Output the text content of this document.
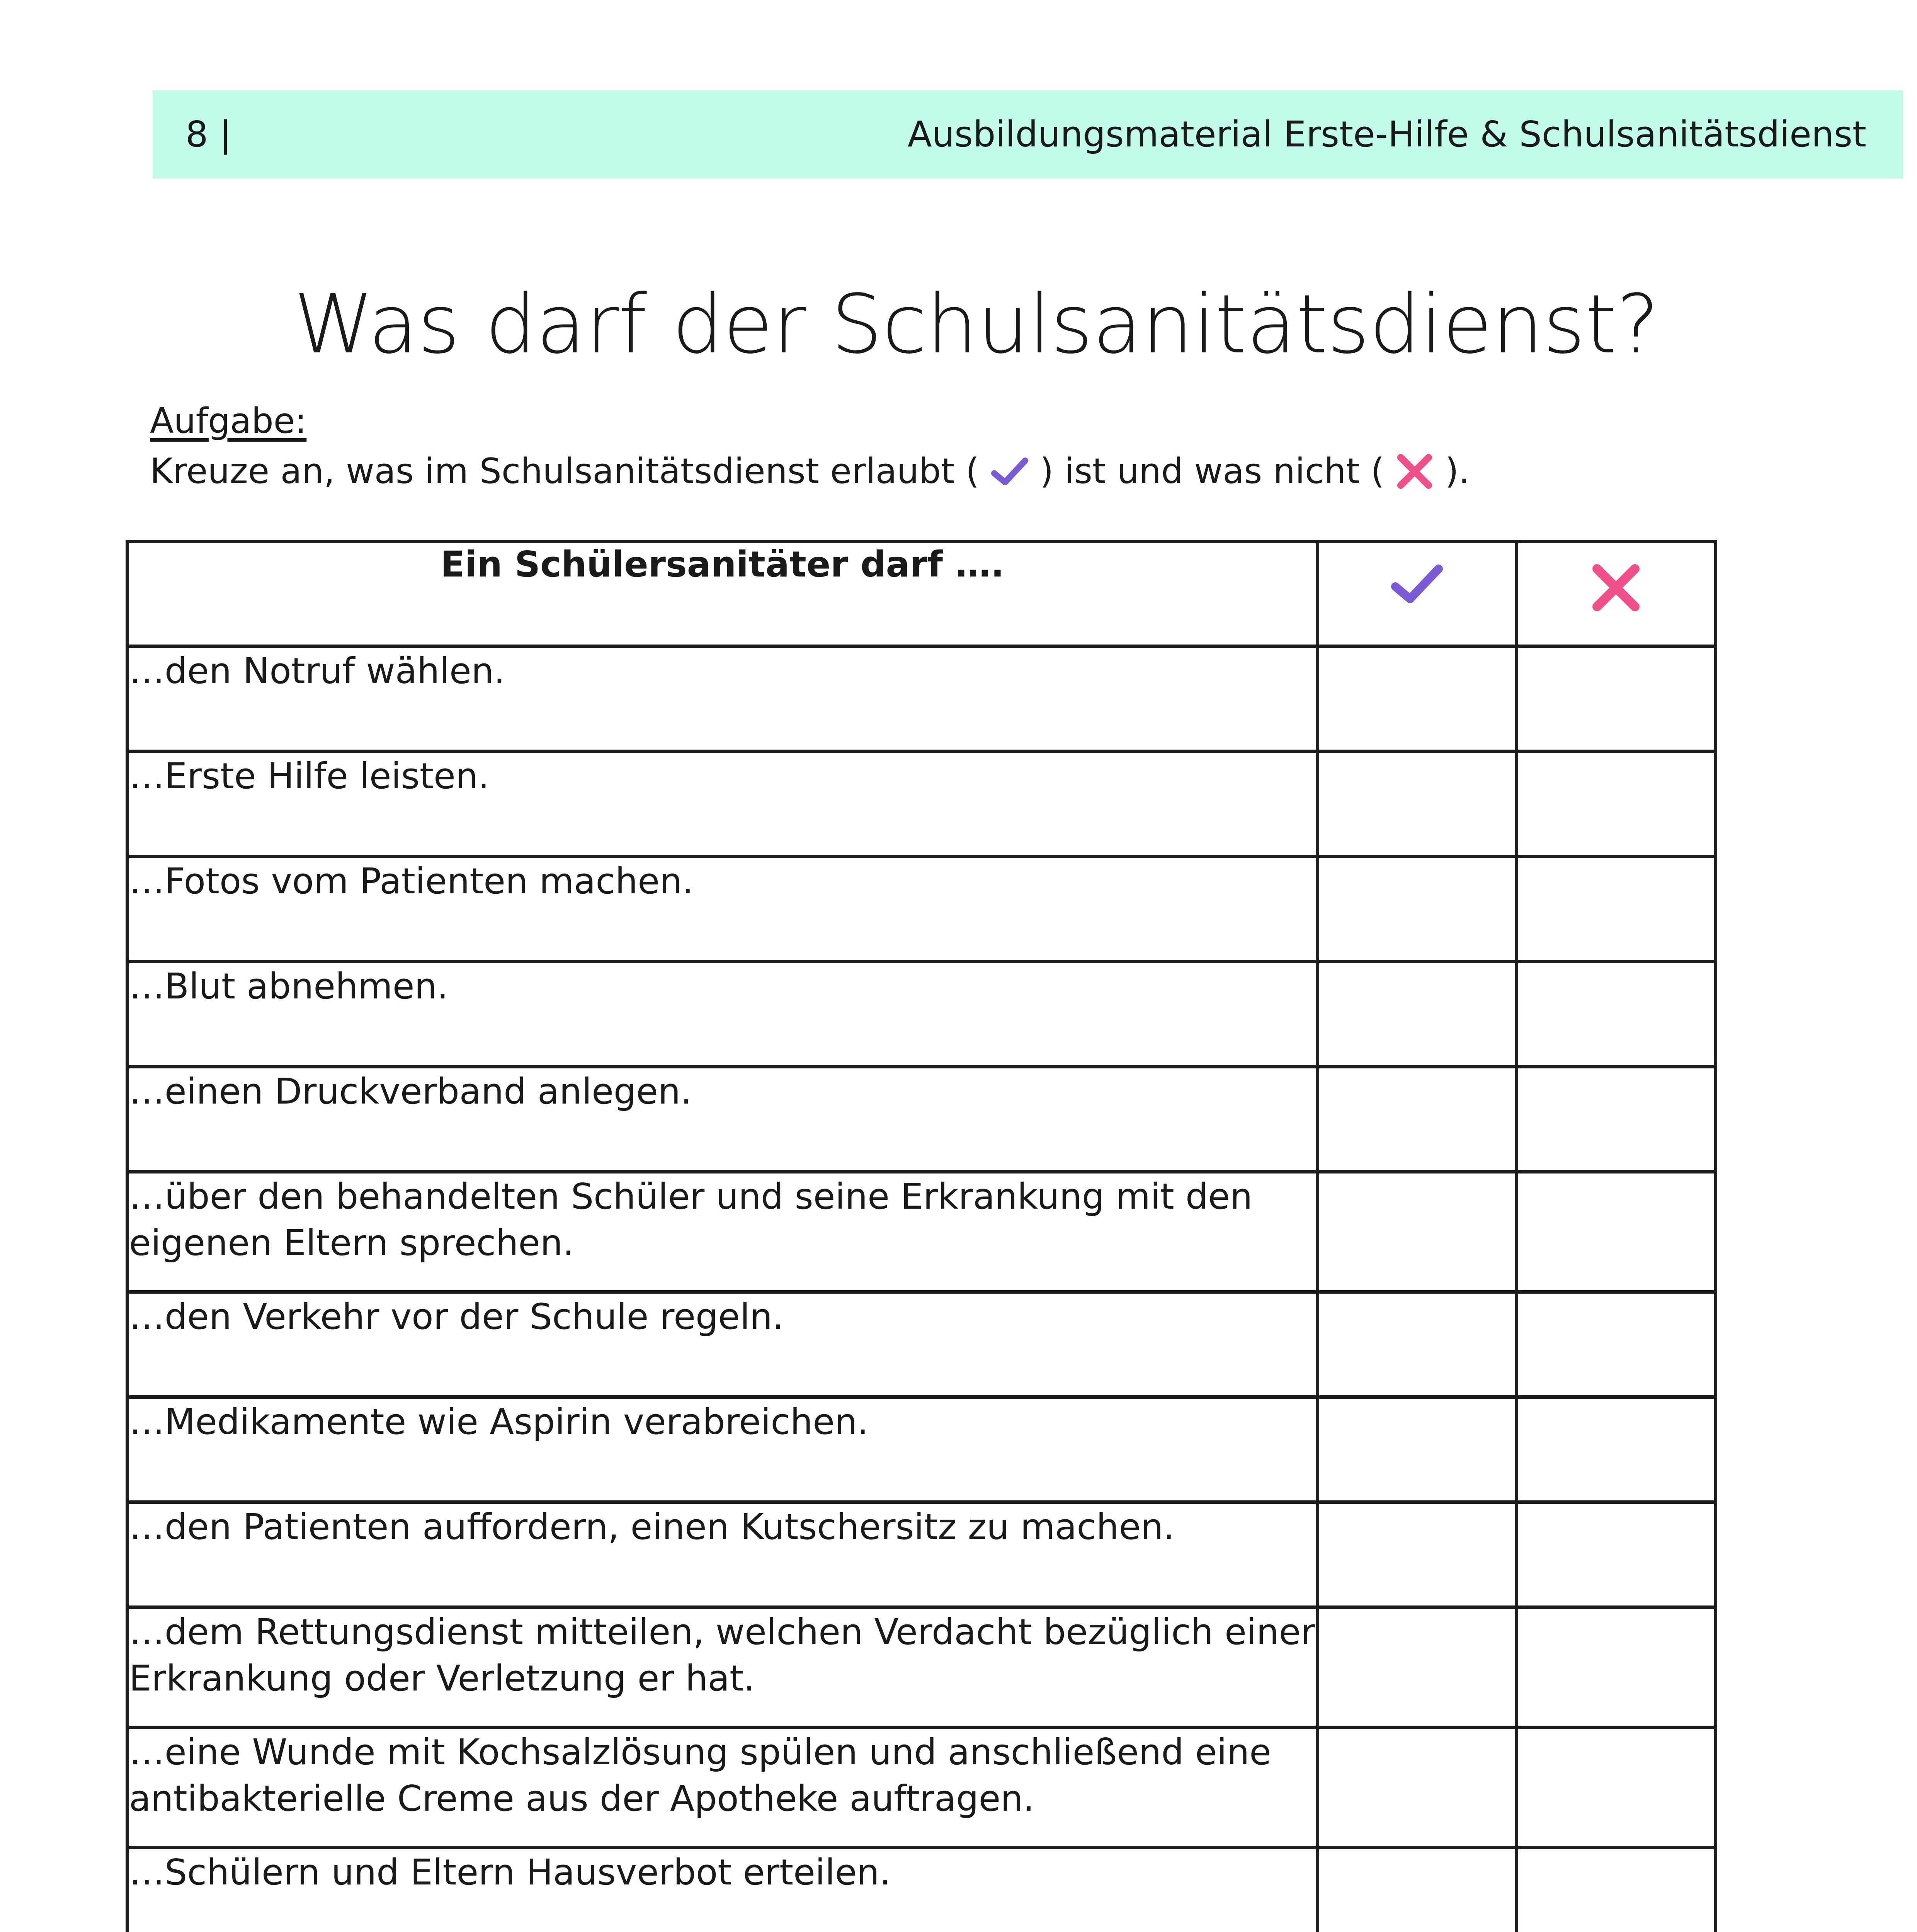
8 |	Ausbildungsmaterial Erste-Hilfe & Schulsanitätsdienst
Was darf der Schulsanitätsdienst?
Aufgabe:
Kreuze an, was im Schulsanitätsdienst erlaubt ( ) ist und was nicht ( ).
Ein Schülersanitäter darf ….	

…den Notruf wählen.		
…Erste Hilfe leisten.		
…Fotos vom Patienten machen.		
…Blut abnehmen.		
…einen Druckverband anlegen.		
…über den behandelten Schüler und seine Erkrankung mit den eigenen Eltern sprechen.		
…den Verkehr vor der Schule regeln.		
…Medikamente wie Aspirin verabreichen.		
…den Patienten auffordern, einen Kutschersitz zu machen.		
…dem Rettungsdienst mitteilen, welchen Verdacht bezüglich einer Erkrankung oder Verletzung er hat.		
…eine Wunde mit Kochsalzlösung spülen und anschließend eine antibakterielle Creme aus der Apotheke auftragen.		
…Schülern und Eltern Hausverbot erteilen.		
